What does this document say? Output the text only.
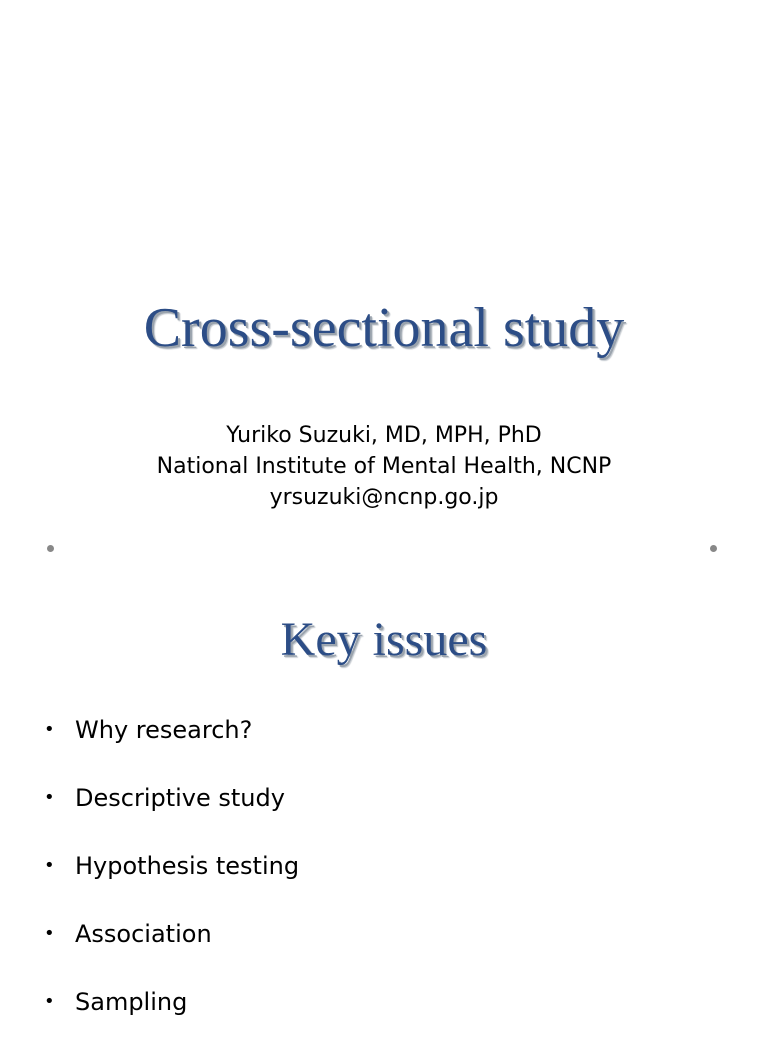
Cross-sectional study
Yuriko Suzuki, MD, MPH, PhD
National Institute of Mental Health, NCNP
yrsuzuki@ncnp.go.jp
Key issues
• Why research?
• Descriptive study
• Hypothesis testing
• Association
• Sampling
